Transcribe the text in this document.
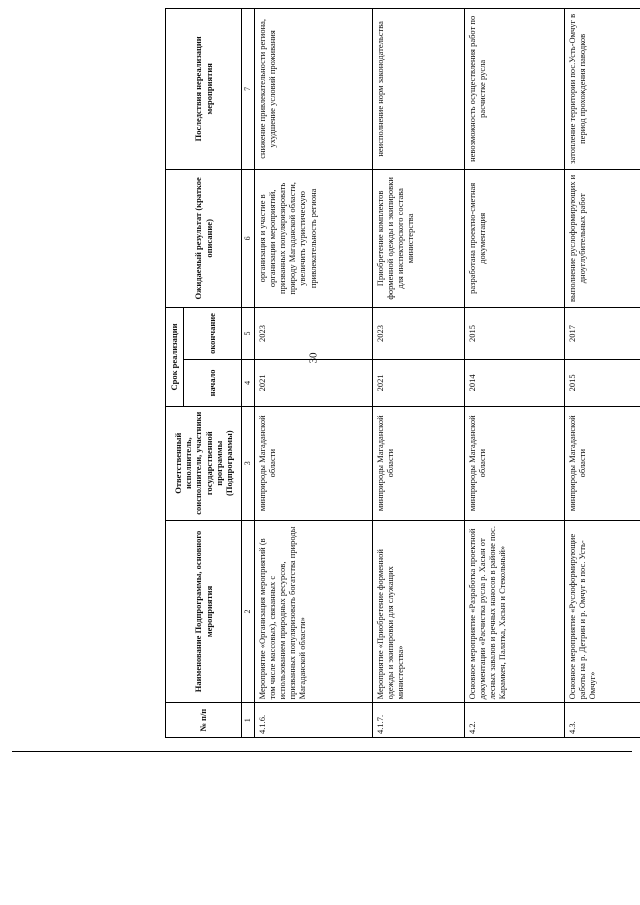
30
№ п/п	Наименование Подпрограммы, основного мероприятия	Ответственный исполнитель, соисполнители, участники государственной программы (Подпрограммы)	Срок реализации		Ожидаемый результат (краткое описание)	Последствия нереализации мероприятия
			начало	окончание		
1	2	3	4	5	6	7
4.1.6.	Мероприятие «Организация мероприятий (в том числе массовых), связанных с использованием природных ресурсов, призванных популяризовать богатства природы Магаданской области»	минприроды Магаданской области	2021	2023	организация и участие в организации мероприятий, призванных популяризировать природу Магаданской области, увеличить туристическую привлекательность региона	снижение привлекательности региона, ухудшение условий проживания
4.1.7.	Мероприятие «Приобретение форменной одежды и экипировки для служащих министерства»	минприроды Магаданской области	2021	2023	Приобретение комплектов форменной одежды и экипировки для инспекторского состава министерства	неисполнение норм законодательства
4.2.	Основное мероприятие «Разработка проектной документации «Расчистка русла р. Хасын от лесных завалов и речных наносов в районе пос. Карамкен, Палатка, Хасын и Стекольный»	минприроды Магаданской области	2014	2015	разработана проектно-сметная документация	невозможность осуществления работ по расчистке русла
4.3.	Основное мероприятие «Руслоформирующие работы на р. Детрин и р. Омчуг в пос. Усть-Омчуг»	минприроды Магаданской области	2015	2017	выполнение руслоформирующих и дноуглубительных работ	затопление территории пос.Усть-Омчуг в период прохождения паводков
